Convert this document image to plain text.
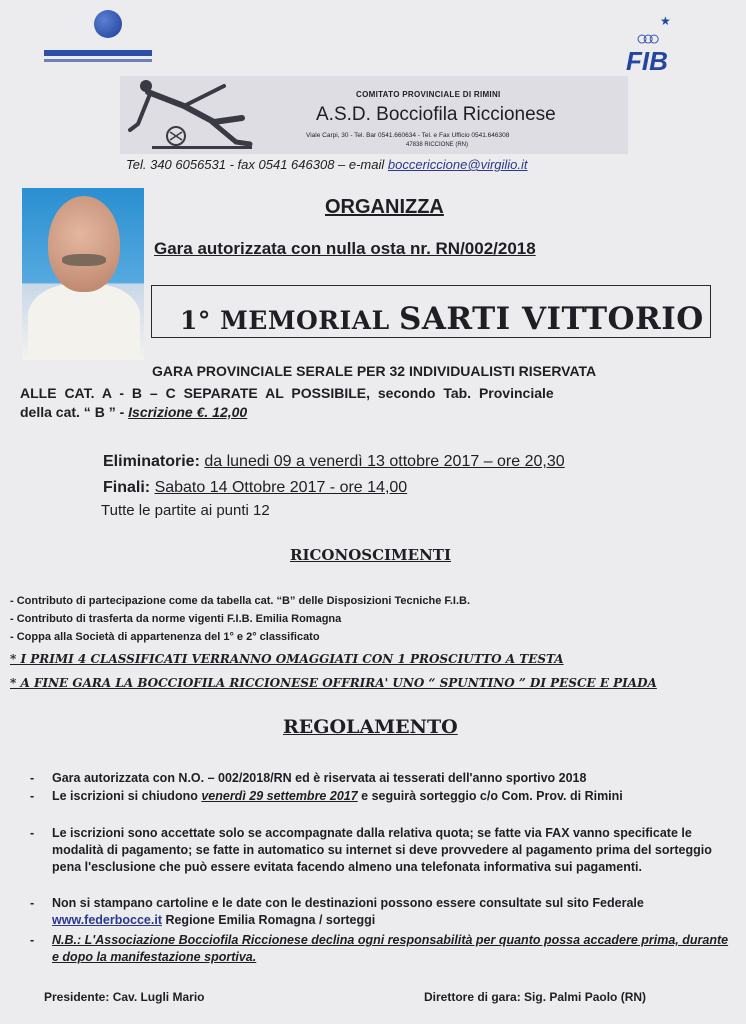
★
○○○
FIB
COMITATO PROVINCIALE DI RIMINI
A.S.D. Bocciofila Riccionese
Viale Carpi, 30 - Tel. Bar 0541.660634 - Tel. e Fax Ufficio 0541.646308
47838 RICCIONE (RN)
Tel. 340 6056531 - fax 0541 646308 – e-mail boccericcione@virgilio.it
ORGANIZZA
Gara autorizzata con nulla osta nr. RN/002/2018
1° MEMORIAL SARTI VITTORIO
GARA PROVINCIALE SERALE PER 32 INDIVIDUALISTI RISERVATA
ALLE CAT. A - B – C SEPARATE AL POSSIBILE, secondo Tab. Provinciale
della cat. “ B ” - Iscrizione €. 12,00
Eliminatorie: da lunedi 09 a venerdì 13 ottobre 2017 – ore 20,30
Finali: Sabato 14 Ottobre 2017 - ore 14,00
Tutte le partite ai punti 12
RICONOSCIMENTI
- Contributo di partecipazione come da tabella cat. “B” delle Disposizioni Tecniche F.I.B.
- Contributo di trasferta da norme vigenti F.I.B. Emilia Romagna
- Coppa alla Società di appartenenza del 1° e 2° classificato
* I PRIMI 4 CLASSIFICATI VERRANNO OMAGGIATI CON 1 PROSCIUTTO A TESTA
* A FINE GARA LA BOCCIOFILA RICCIONESE OFFRIRA' UNO “ SPUNTINO ” DI PESCE E PIADA
REGOLAMENTO
- Gara autorizzata con N.O. – 002/2018/RN ed è riservata ai tesserati dell'anno sportivo 2018
- Le iscrizioni si chiudono venerdì 29 settembre 2017 e seguirà sorteggio c/o Com. Prov. di Rimini
- Le iscrizioni sono accettate solo se accompagnate dalla relativa quota; se fatte via FAX vanno specificate le modalità di pagamento; se fatte in automatico su internet si deve provvedere al pagamento prima del sorteggio pena l'esclusione che può essere evitata facendo almeno una telefonata informativa sui pagamenti.
- Non si stampano cartoline e le date con le destinazioni possono essere consultate sul sito Federale www.federbocce.it Regione Emilia Romagna / sorteggi
- N.B.: L'Associazione Bocciofila Riccionese declina ogni responsabilità per quanto possa accadere prima, durante e dopo la manifestazione sportiva.
Presidente: Cav. Lugli Mario	Direttore di gara: Sig. Palmi Paolo (RN)
